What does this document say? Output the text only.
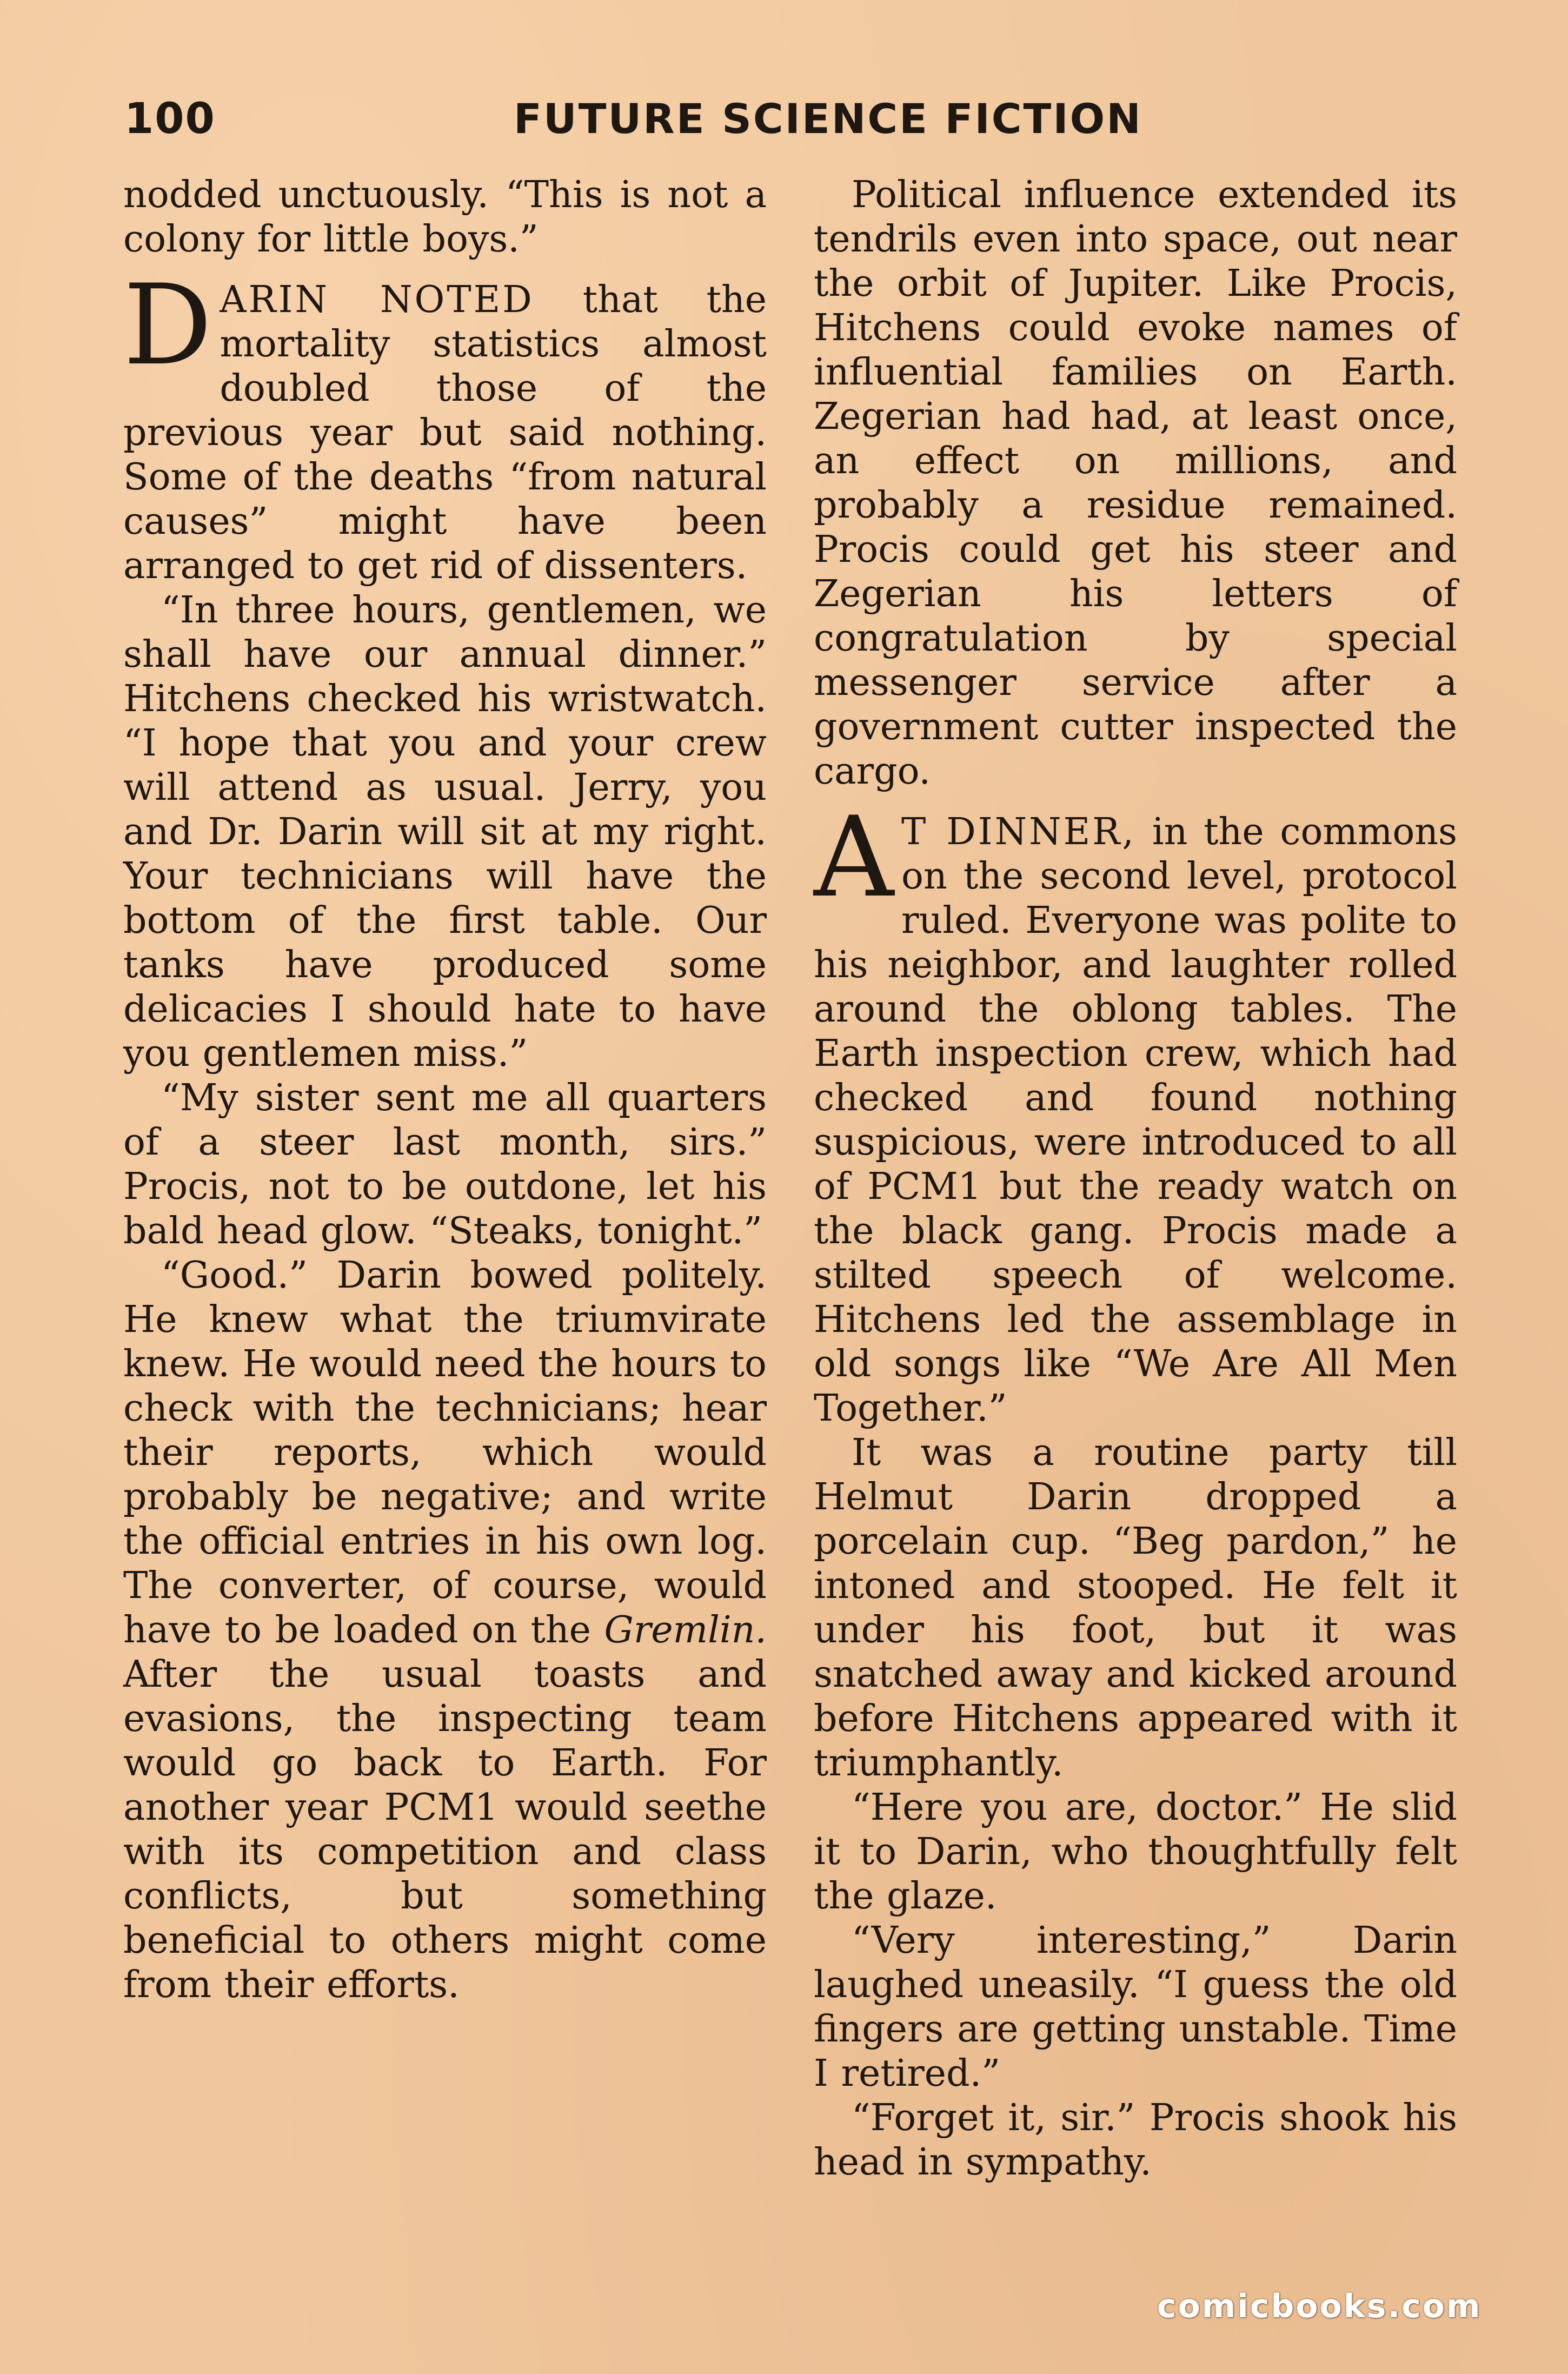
100	FUTURE SCIENCE FICTION

nodded unctuously. “This is not a colony for little boys.”

DARIN NOTED that the mortality statistics almost doubled those of the previous year but said nothing. Some of the deaths “from natural causes” might have been arranged to get rid of dissenters.

“In three hours, gentlemen, we shall have our annual dinner.” Hitchens checked his wristwatch. “I hope that you and your crew will attend as usual. Jerry, you and Dr. Darin will sit at my right. Your technicians will have the bottom of the first table. Our tanks have produced some delicacies I should hate to have you gentlemen miss.”

“My sister sent me all quarters of a steer last month, sirs.” Procis, not to be outdone, let his bald head glow. “Steaks, tonight.”

“Good.” Darin bowed politely. He knew what the triumvirate knew. He would need the hours to check with the technicians; hear their reports, which would probably be negative; and write the official entries in his own log. The converter, of course, would have to be loaded on the Gremlin. After the usual toasts and evasions, the inspecting team would go back to Earth. For another year PCM1 would seethe with its competition and class conflicts, but something beneficial to others might come from their efforts.

Political influence extended its tendrils even into space, out near the orbit of Jupiter. Like Procis, Hitchens could evoke names of influential families on Earth. Zegerian had had, at least once, an effect on millions, and probably a residue remained. Procis could get his steer and Zegerian his letters of congratulation by special messenger service after a government cutter inspected the cargo.

A T DINNER, in the commons on the second level, protocol ruled. Everyone was polite to his neighbor, and laughter rolled around the oblong tables. The Earth inspection crew, which had checked and found nothing suspicious, were introduced to all of PCM1 but the ready watch on the black gang. Procis made a stilted speech of welcome. Hitchens led the assemblage in old songs like “We Are All Men Together.”

It was a routine party till Helmut Darin dropped a porcelain cup. “Beg pardon,” he intoned and stooped. He felt it under his foot, but it was snatched away and kicked around before Hitchens appeared with it triumphantly.

“Here you are, doctor.” He slid it to Darin, who thoughtfully felt the glaze.

“Very interesting,” Darin laughed uneasily. “I guess the old fingers are getting unstable. Time I retired.”

“Forget it, sir.” Procis shook his head in sympathy.

comicbooks.com
